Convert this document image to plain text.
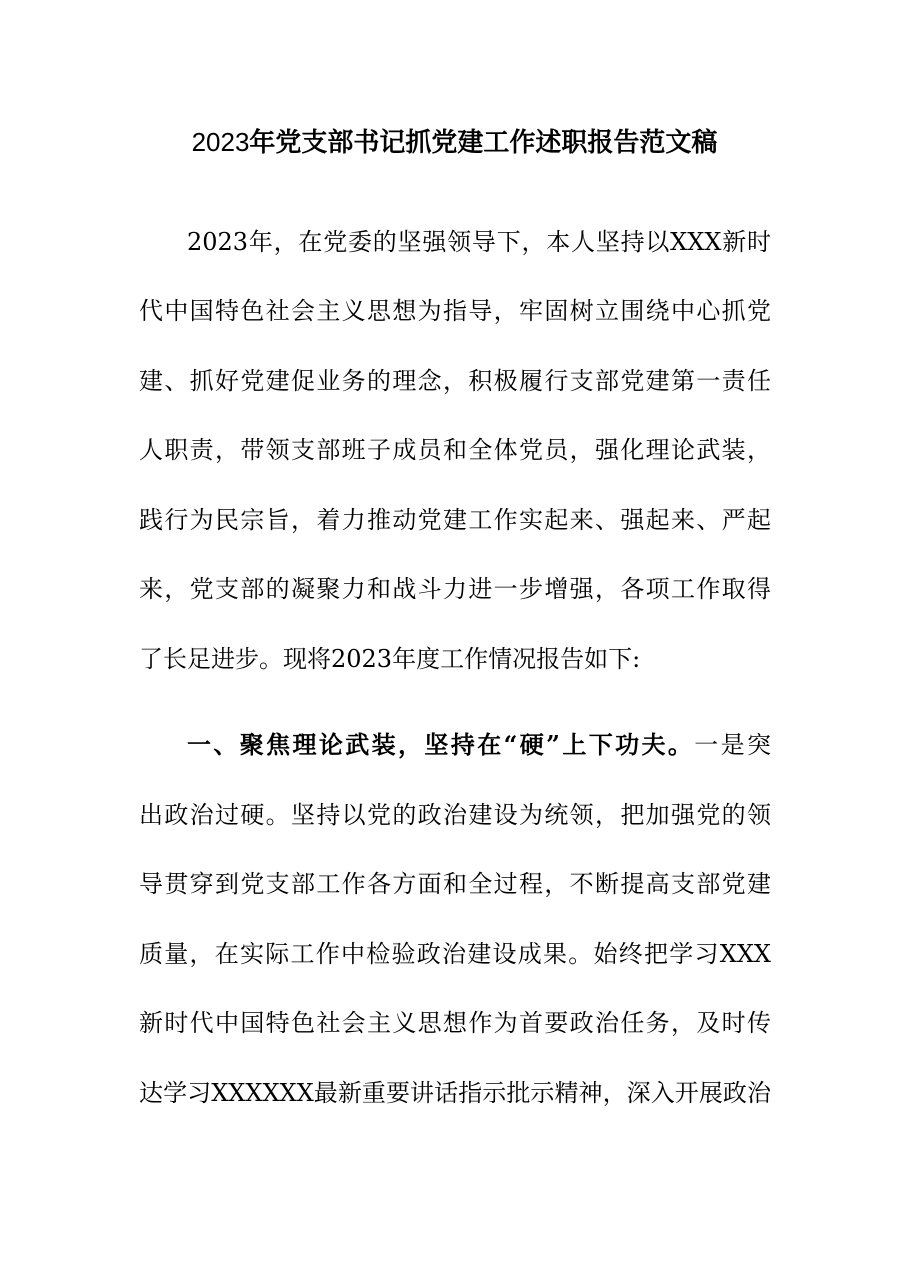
2023年党支部书记抓党建工作述职报告范文稿
2023年，在党委的坚强领导下，本人坚持以XXX新时
代中国特色社会主义思想为指导，牢固树立围绕中心抓党
建、抓好党建促业务的理念，积极履行支部党建第一责任
人职责，带领支部班子成员和全体党员，强化理论武装，
践行为民宗旨，着力推动党建工作实起来、强起来、严起
来，党支部的凝聚力和战斗力进一步增强，各项工作取得
了长足进步。现将2023年度工作情况报告如下:
一、聚焦理论武装，坚持在“硬”上下功夫。一是突
出政治过硬。坚持以党的政治建设为统领，把加强党的领
导贯穿到党支部工作各方面和全过程，不断提高支部党建
质量，在实际工作中检验政治建设成果。始终把学习XXX
新时代中国特色社会主义思想作为首要政治任务，及时传
达学习XXXXXX最新重要讲话指示批示精神，深入开展政治
